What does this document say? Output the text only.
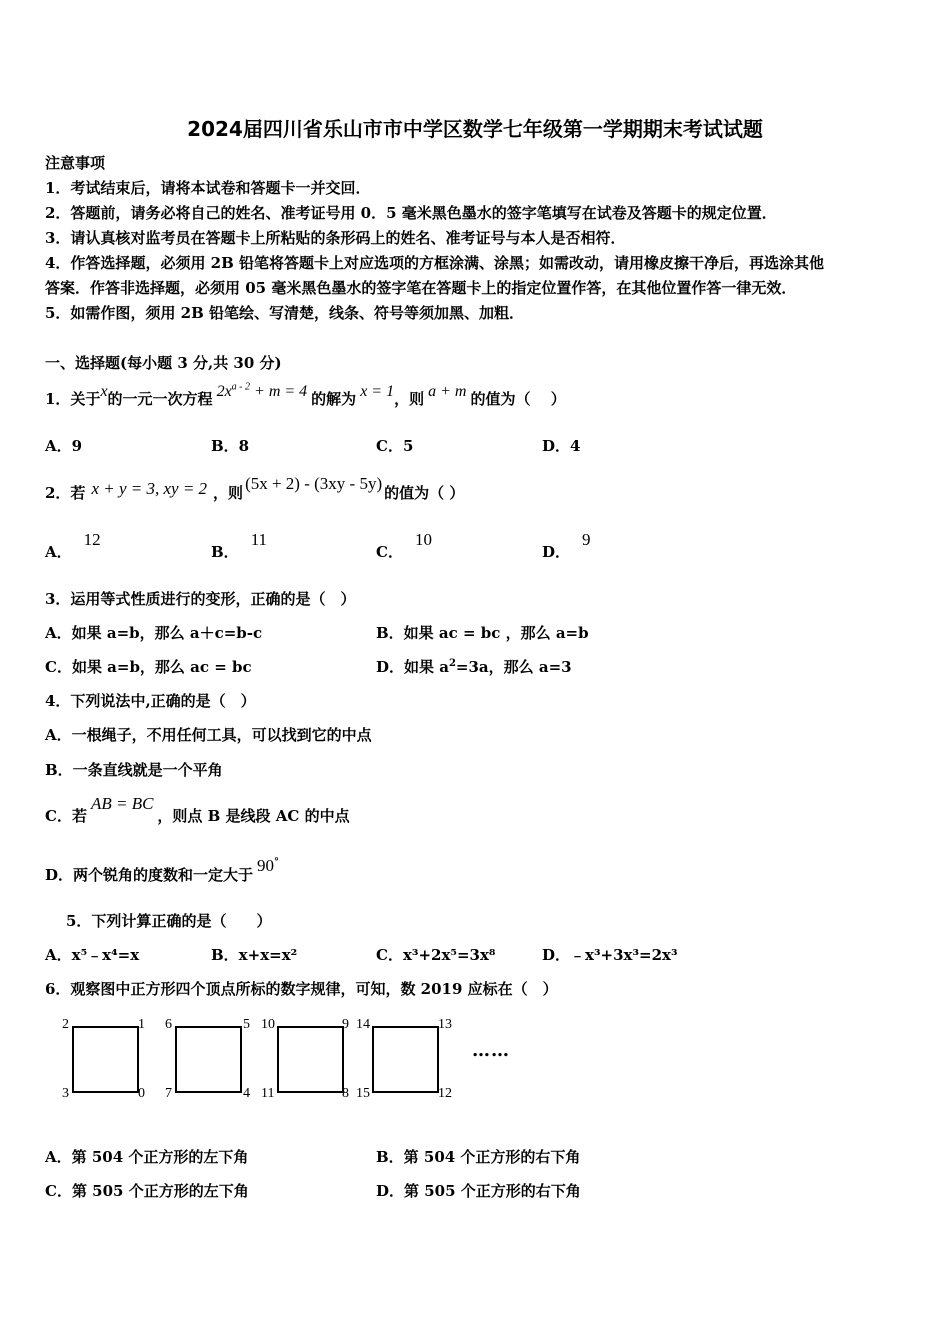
2024届四川省乐山市市中学区数学七年级第一学期期末考试试题
注意事项
1．考试结束后，请将本试卷和答题卡一并交回．
2．答题前，请务必将自己的姓名、准考证号用 0．5 毫米黑色墨水的签字笔填写在试卷及答题卡的规定位置．
3．请认真核对监考员在答题卡上所粘贴的条形码上的姓名、准考证号与本人是否相符．
4．作答选择题，必须用 2B 铅笔将答题卡上对应选项的方框涂满、涂黑；如需改动，请用橡皮擦干净后，再选涂其他
答案．作答非选择题，必须用 05 毫米黑色墨水的签字笔在答题卡上的指定位置作答，在其他位置作答一律无效．
5．如需作图，须用 2B 铅笔绘、写清楚，线条、符号等须加黑、加粗．
一、选择题(每小题 3 分,共 30 分)
1．关于x的一元一次方程 $2x^{a - 2} + m = 4$ 的解为 x = 1，则 a + m 的值为（　 ）
A．9	B．8	C．5	D．4
2．若 x + y = 3, xy = 2 ，则 (5x + 2) - (3xy - 5y) 的值为（ ）
A．12
B．11
C．10
D．9
3．运用等式性质进行的变形，正确的是（　）
A．如果 a=b，那么 a＋c=b-c	B．如果 ac = bc ，那么 a=b
C．如果 a=b，那么 ac = bc	D．如果 $a^2=3a$，那么 a=3
4．下列说法中,正确的是（　）
A．一根绳子，不用任何工具，可以找到它的中点
B．一条直线就是一个平角
C．若AB = BC，则点 B 是线段 AC 的中点
D．两个锐角的度数和一定大于 90°
5．下列计算正确的是（　　）
A．x⁵﹣x⁴=x	B．x+x=x²	C．x³+2x⁵=3x⁸	D．﹣x³+3x³=2x³
6．观察图中正方形四个顶点所标的数字规律，可知，数 2019 应标在（　）
2	1
3	0
6	5
7	4
10	9
11	8
14	13
15	12
……
A．第 504 个正方形的左下角	B．第 504 个正方形的右下角
C．第 505 个正方形的左下角	D．第 505 个正方形的右下角
